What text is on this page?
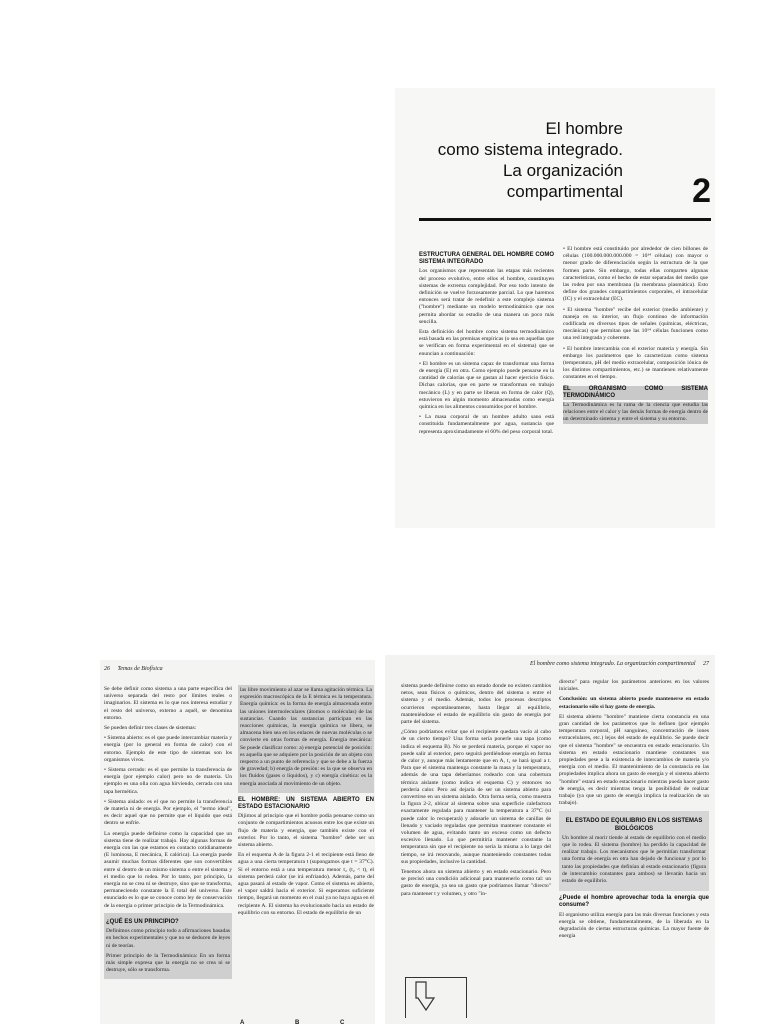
El hombre
como sistema integrado.
La organización
compartimental 2
ESTRUCTURA GENERAL DEL HOMBRE COMO SISTEMA INTEGRADO

Los organismos que representan las etapas más recientes del proceso evolutivo, entre ellos el hombre, constituyen sistemas de extrema complejidad. Por eso todo intento de definición se vuelve forzosamente parcial. Lo que haremos entonces será tratar de redefinir a este complejo sistema ("hombre") mediante un modelo termodinámico que nos permita abordar su estudio de una manera un poco más sencilla.

Esta definición del hombre como sistema termodinámico está basada en las premisas empíricas (o sea en aquellas que se verifican en forma experimental en el sistema) que se enuncian a continuación:

• El hombre es un sistema capaz de transformar una forma de energía (E) en otra. Como ejemplo puede pensarse en la cantidad de calorías que se gastan al hacer ejercicio físico. Dichas calorías, que en parte se transforman en trabajo mecánico (L) y en parte se liberan en forma de calor (Q), estuvieron en algún momento almacenadas como energía química en los alimentos consumidos por el hombre.

• La masa corporal de un hombre adulto sano está constituida fundamentalmente por agua, sustancia que representa aproximadamente el 60% del peso corporal total.

• El hombre está constituido por alrededor de cien billones de células (100.000.000.000.000 = 10¹⁴ células) con mayor o menor grado de diferenciación según la estructura de la que formen parte. Sin embargo, todas ellas comparten algunas características, como el hecho de estar separadas del medio que las rodea por una membrana (la membrana plasmática). Esto define dos grandes compartimientos corporales, el intracelular (IC) y el extracelular (EC).

• El sistema "hombre" recibe del exterior (medio ambiente) y maneja en su interior, un flujo continuo de información codificada en diversos tipos de señales (químicas, eléctricas, mecánicas) que permitan que las 10¹⁴ células funcionen como una red integrada y coherente.

• El hombre intercambia con el exterior materia y energía. Sin embargo los parámetros que lo caracterizan como sistema (temperatura, pH del medio extracelular, composición iónica de los distintos compartimientos, etc.) se mantienen relativamente constantes en el tiempo.

EL ORGANISMO COMO SISTEMA TERMODINÁMICO

La Termodinámica es la rama de la ciencia que estudia las relaciones entre el calor y las demás formas de energía dentro de un determinado sistema y entre el sistema y su entorno.

26 Temas de Biofísica

Se debe definir como sistema a una parte específica del universo separada del resto por límites reales o imaginarios. El sistema es lo que nos interesa estudiar y el resto del universo, externo a aquél, se denomina entorno.

Se pueden definir tres clases de sistemas:

• Sistema abierto: es el que puede intercambiar materia y energía (por lo general en forma de calor) con el entorno. Ejemplo de este tipo de sistemas son los organismos vivos.

• Sistema cerrado: es el que permite la transferencia de energía (por ejemplo calor) pero no de materia. Un ejemplo es una olla con agua hirviendo, cerrada con una tapa hermética.

• Sistema aislado: es el que no permite la transferencia de materia ni de energía. Por ejemplo, el "termo ideal", es decir aquel que no permite que el líquido que está dentro se enfríe.

La energía puede definirse como la capacidad que un sistema tiene de realizar trabajo. Hay algunas formas de energía con las que estamos en contacto cotidianamente (E luminosa, E mecánica, E calórica). La energía puede asumir muchas formas diferentes que son convertibles entre sí dentro de un mismo sistema o entre el sistema y el medio que lo rodea. Por lo tanto, por principio, la energía no se crea ni se destruye, sino que se transforma, permaneciendo constante la E total del universo. Este enunciado es lo que se conoce como ley de conservación de la energía o primer principio de la Termodinámica.

¿QUÉ ES UN PRINCIPIO?

Definimos como principio todo a afirmaciones basadas en hechos experimentales y que no se deducen de leyes ni de teorías.

Primer principio de la Termodinámica: En un forma más simple expresa que la energía no se crea ni se destruye, sólo se transforma.

las libre movimiento al azar se llama agitación térmica. La expresión macroscópica de la E térmica es la temperatura. Energía química: es la forma de energía almacenada entre las uniones intermoleculares (átomos o moléculas) de las sustancias. Cuando las sustancias participan en las reacciones químicas, la energía química se libera, se almacena bien sea en los enlaces de nuevas moléculas o se convierte en otras formas de energía. Energía mecánica: Se puede clasificar como: a) energía potencial de posición: es aquella que se adquiere por la posición de un objeto con respecto a un punto de referencia y que se debe a la fuerza de gravedad; b) energía de presión: es la que se observa en los fluidos (gases o líquidos), y c) energía cinética: es la energía asociada al movimiento de un objeto.

EL HOMBRE: UN SISTEMA ABIERTO EN ESTADO ESTACIONARIO

Dijimos al principio que el hombre podía pensarse como un conjunto de compartimientos acuosos entre los que existe un flujo de materia y energía, que también existe con el exterior. Por lo tanto, el sistema "hombre" debe ser un sistema abierto.

En el esquema A de la figura 2-1 el recipiente está lleno de agua a una cierta temperatura t (supongamos que t = 37°C). Si el entorno está a una temperatura menor t₂ (t₂ < t), el sistema perderá calor (se irá enfriando). Además, parte del agua pasará al estado de vapor. Como el sistema es abierto, el vapor saldrá hacia el exterior. Si esperamos suficiente tiempo, llegará un momento en el cual ya no haya agua en el recipiente A. El sistema ha evolucionado hacia un estado de equilibrio con su entorno. El estado de equilibrio de un

A	B	C
El hombre como sistema integrado. La organización compartimental 27

sistema puede definirse como un estado donde no existen cambios netos, sean físicos o químicos, dentro del sistema o entre el sistema y el medio. Además, todos los procesos descriptos ocurrieron espontáneamente, hasta llegar al equilibrio, manteniéndose el estado de equilibrio sin gasto de energía por parte del sistema.

¿Cómo podríamos evitar que el recipiente quedara vacío al cabo de un cierto tiempo? Una forma sería ponerle una tapa (como indica el esquema B). No se perderá materia, porque el vapor no puede salir al exterior, pero seguirá perdiéndose energía en forma de calor y, aunque más lentamente que en A, t₁ se hará igual a t. Para que el sistema mantenga constante la masa y la temperatura, además de una tapa deberíamos rodearlo con una cobertura térmica aislante (como indica el esquema C) y entonces no perdería calor. Pero así dejaría de ser un sistema abierto para convertirse en un sistema aislado. Otra forma sería, como muestra la figura 2-2, ubicar al sistema sobre una superficie calefactora exactamente regulada para mantener la temperatura a 37°C (si puede calor lo recuperará) y adosarle un sistema de canillas de llenado y vaciado reguladas que permitan mantener constante el volumen de agua, evitando tanto un exceso como un defecto excesivo llenado. Lo que permitiría mantener constante la temperatura sin que el recipiente no sería la misma a lo largo del tiempo, se irá renovando, aunque manteniendo constantes todas sus propiedades, inclusive la cantidad.

Tenemos ahora un sistema abierto y en estado estacionario. Pero se precisó una condición adicional para mantenerlo como tal: un gasto de energía, ya sea un gasto que podríamos llamar "directo" para mantener t y volumen, y otro "in-

directo" para regular los parámetros anteriores en los valores iniciales.

Conclusión: un sistema abierto puede mantenerse en estado estacionario sólo si hay gasto de energía.

El sistema abierto "hombre" mantiene cierta constancia en una gran cantidad de los parámetros que lo definen (por ejemplo temperatura corporal, pH sanguíneo, concentración de iones extracelulares, etc.) lejos del estado de equilibrio. Se puede decir que el sistema "hombre" se encuentra en estado estacionario. Un sistema en estado estacionario mantiene constantes sus propiedades pese a la existencia de intercambios de materia y/o energía con el medio. El mantenimiento de la constancia en las propiedades implica ahora un gasto de energía y el sistema abierto "hombre" estará en estado estacionario mientras pueda hacer gasto de energía, es decir mientras tenga la posibilidad de realizar trabajo (ya que un gasto de energía implica la realización de un trabajo).

EL ESTADO DE EQUILIBRIO EN LOS SISTEMAS BIOLÓGICOS

Un hombre al morir tiende al estado de equilibrio con el medio que lo rodea. El sistema (hombre) ha perdido la capacidad de realizar trabajo. Los mecanismos que le permitían transformar una forma de energía en otra han dejado de funcionar y por lo tanto las propiedades que definían al estado estacionario (figura de intercambio constantes para ambos) se llevarán hacia un estado de equilibrio.

¿Puede el hombre aprovechar toda la energía que consume?

El organismo utiliza energía para las más diversas funciones y esta energía se obtiene, fundamentalmente, de la liberada en la degradación de ciertas estructuras químicas. La mayor fuente de energía
